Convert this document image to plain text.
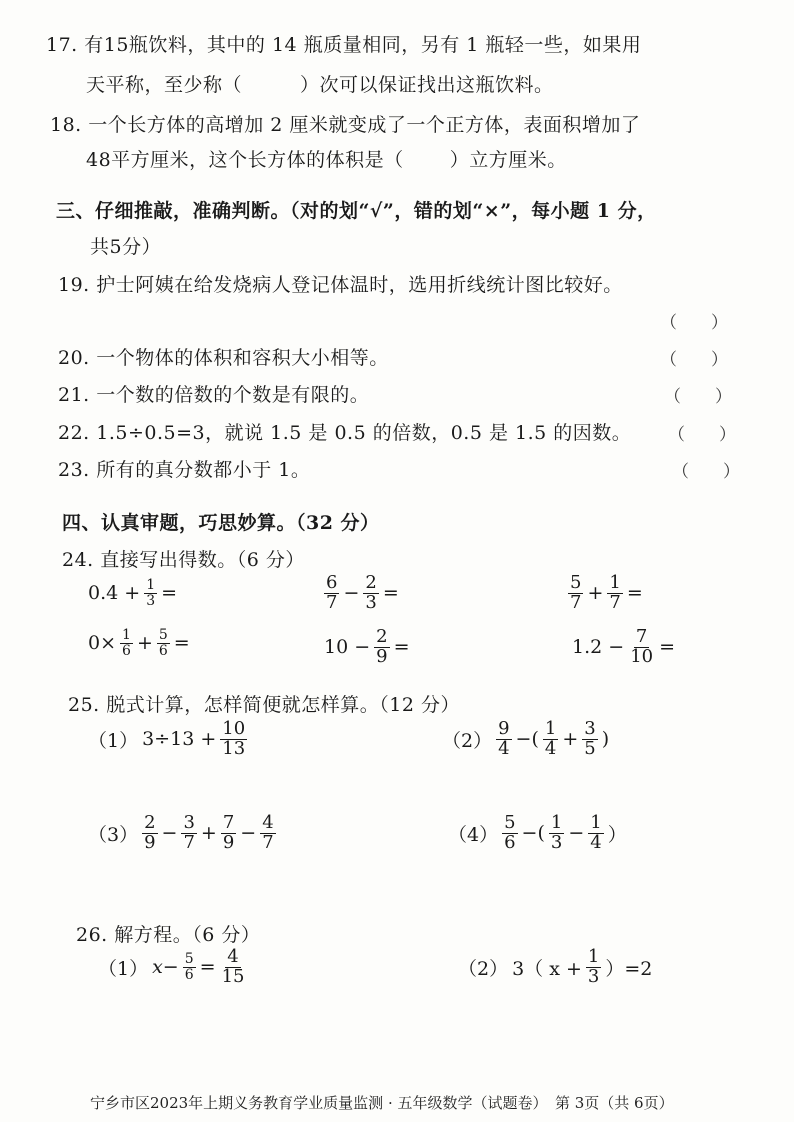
17. 有15瓶饮料，其中的 14 瓶质量相同，另有 1 瓶轻一些，如果用
天平称，至少称（	）次可以保证找出这瓶饮料。
18. 一个长方体的高增加 2 厘米就变成了一个正方体，表面积增加了
48平方厘米，这个长方体的体积是（ ）立方厘米。
三、仔细推敲，准确判断。（对的划“√”，错的划“×”，每小题 1 分，
共5分）
19. 护士阿姨在给发烧病人登记体温时，选用折线统计图比较好。
（　　）
20. 一个物体的体积和容积大小相等。	（　　）
21. 一个数的倍数的个数是有限的。	（　　）
22. 1.5÷0.5=3，就说 1.5 是 0.5 的倍数，0.5 是 1.5 的因数。 （　　）
23. 所有的真分数都小于 1。	（　　）
四、认真审题，巧思妙算。（32 分）
24. 直接写出得数。（6 分）
$0.4 + \frac{1}{3}$ =	$\frac{6}{7} - \frac{2}{3}$ =	$\frac{5}{7} + \frac{1}{7}$ =
$0\times \frac{1}{6} + \frac{5}{6}$ =	$10 - \frac{2}{9}$ =	$1.2 - \frac{7}{10}$ =
25. 脱式计算，怎样简便就怎样算。（12 分）
（1） $3\div 13 + \frac{10}{13}$	$(2) \frac{9}{4}$ −( $\frac{1}{4} + \frac{3}{5}$ )
$(3) \frac{2}{9} - \frac{3}{7} + \frac{7}{9} - \frac{4}{7}$	$(4) \frac{5}{6}$ −( $\frac{1}{3} - \frac{1}{4}$ ）
26. 解方程。（6 分）
（1） $x- \frac{5}{6} = \frac{4}{15}$	（2） 3（ $x + \frac{1}{3} )=2$
宁乡市区2023年上期义务教育学业质量监测 · 五年级数学（试题卷）　第 3页（共 6页）
